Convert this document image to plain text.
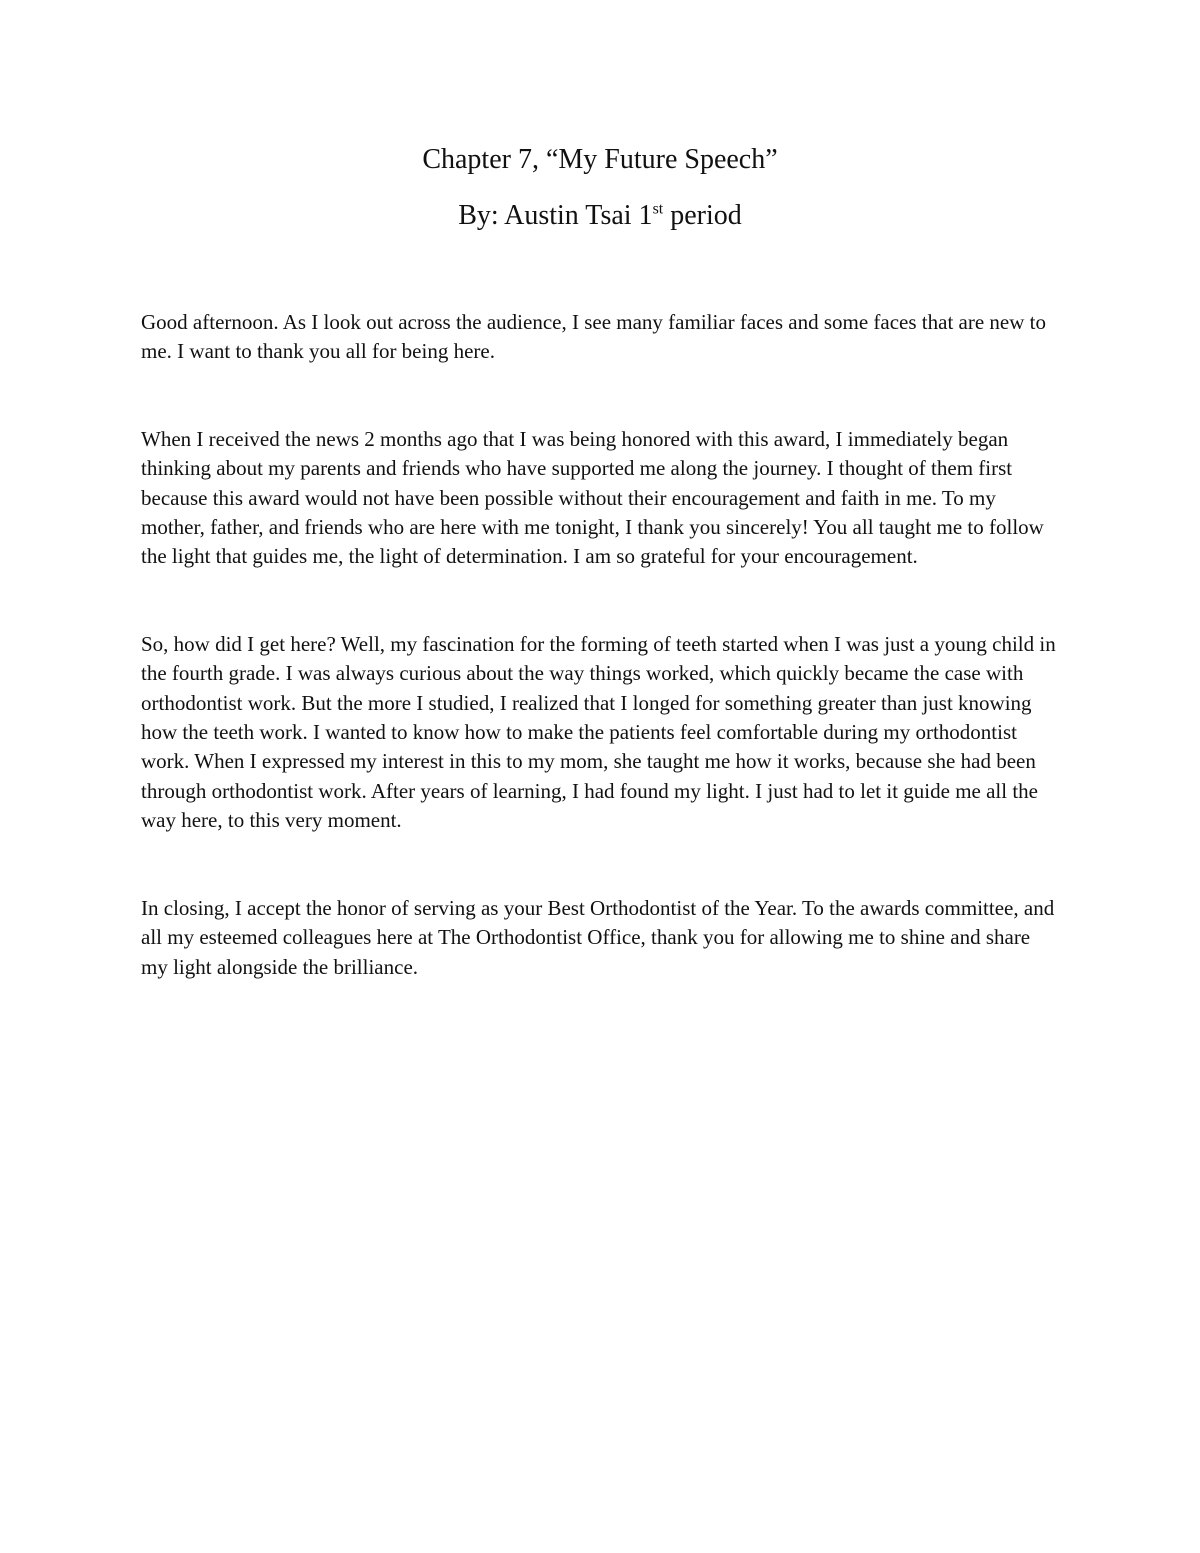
Chapter 7, “My Future Speech”

By: Austin Tsai 1st period

Good afternoon. As I look out across the audience, I see many familiar faces and some faces that are new to me. I want to thank you all for being here.

When I received the news 2 months ago that I was being honored with this award, I immediately began thinking about my parents and friends who have supported me along the journey. I thought of them first because this award would not have been possible without their encouragement and faith in me. To my mother, father, and friends who are here with me tonight, I thank you sincerely! You all taught me to follow the light that guides me, the light of determination. I am so grateful for your encouragement.

So, how did I get here? Well, my fascination for the forming of teeth started when I was just a young child in the fourth grade. I was always curious about the way things worked, which quickly became the case with orthodontist work. But the more I studied, I realized that I longed for something greater than just knowing how the teeth work. I wanted to know how to make the patients feel comfortable during my orthodontist work. When I expressed my interest in this to my mom, she taught me how it works, because she had been through orthodontist work. After years of learning, I had found my light. I just had to let it guide me all the way here, to this very moment.

In closing, I accept the honor of serving as your Best Orthodontist of the Year. To the awards committee, and all my esteemed colleagues here at The Orthodontist Office, thank you for allowing me to shine and share my light alongside the brilliance.
